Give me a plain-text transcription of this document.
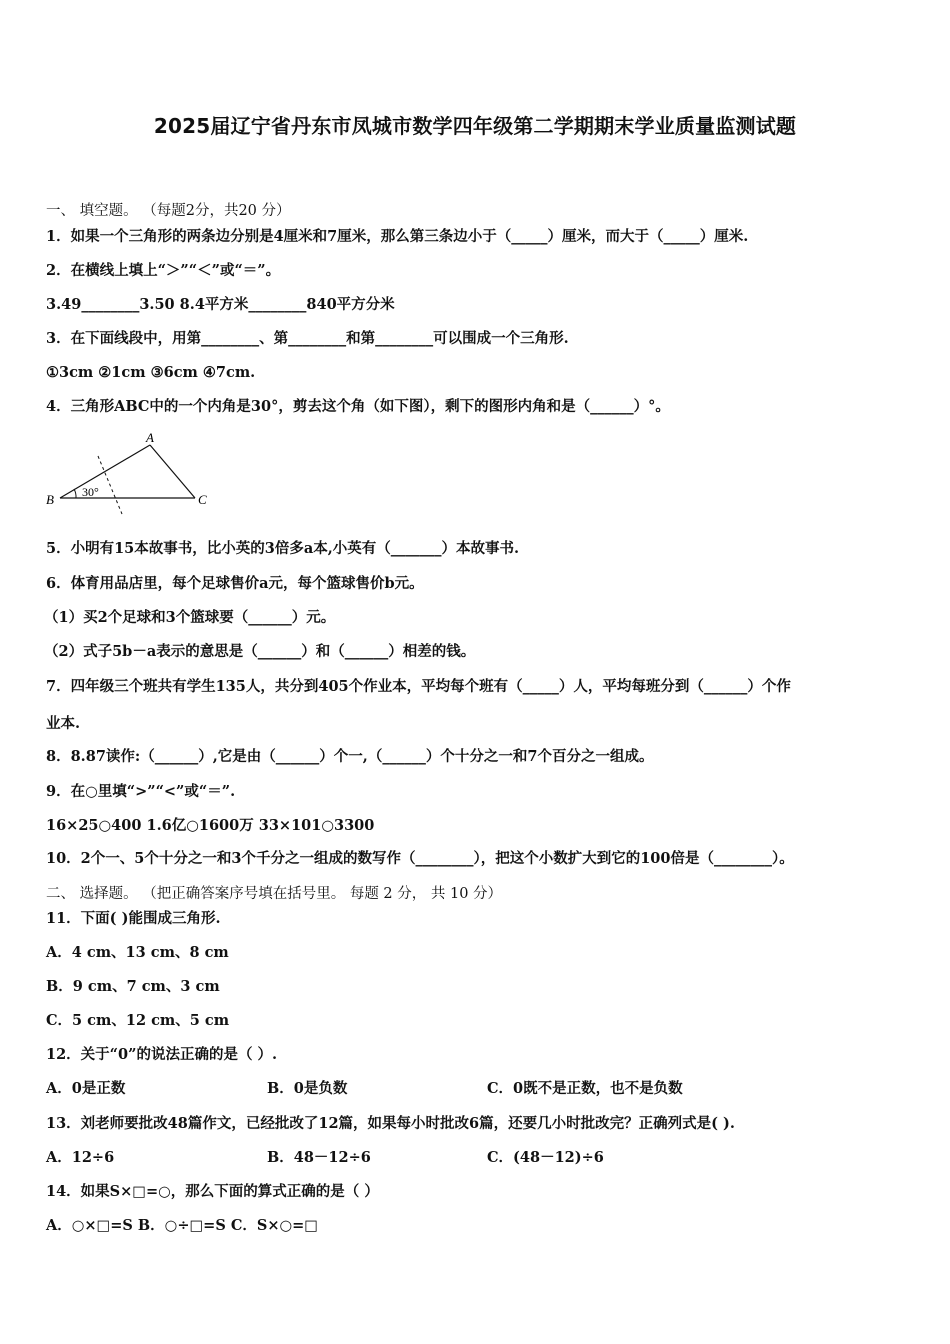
2025届辽宁省丹东市凤城市数学四年级第二学期期末学业质量监测试题
一、 填空题。 （每题2分，共20 分）
1．如果一个三角形的两条边分别是4厘米和7厘米，那么第三条边小于（_____）厘米，而大于（_____）厘米.
2．在横线上填上“＞”“＜”或“＝”。
3.49________3.50 8.4平方米________840平方分米
3．在下面线段中，用第________、第________和第________可以围成一个三角形.
①3cm ②1cm ③6cm ④7cm.
4．三角形ABC中的一个内角是30°，剪去这个角（如下图），剩下的图形内角和是（______）°。
A
B	C
30°
5．小明有15本故事书，比小英的3倍多a本,小英有（_______）本故事书.
6．体育用品店里，每个足球售价a元，每个篮球售价b元。
（1）买2个足球和3个篮球要（______）元。
（2）式子5b－a表示的意思是（______）和（______）相差的钱。
7．四年级三个班共有学生135人，共分到405个作业本，平均每个班有（_____）人，平均每班分到（______）个作
业本.
8．8.87读作:（______）,它是由（______）个一,（______）个十分之一和7个百分之一组成。
9．在○里填“>”“<”或“＝”.
16×25○400 1.6亿○1600万 33×101○3300
10．2个一、5个十分之一和3个千分之一组成的数写作（________），把这个小数扩大到它的100倍是（________）。
二、 选择题。 （把正确答案序号填在括号里。 每题 2 分， 共 10 分）
11．下面( )能围成三角形.
A．4 cm、13 cm、8 cm
B．9 cm、7 cm、3 cm
C．5 cm、12 cm、5 cm
12．关于“0”的说法正确的是（ ）.
A．0是正数	B．0是负数	C．0既不是正数，也不是负数
13．刘老师要批改48篇作文，已经批改了12篇，如果每小时批改6篇，还要几小时批改完？正确列式是( ).
A．12÷6	B．48－12÷6	C．(48－12)÷6
14．如果S×□=○，那么下面的算式正确的是（ ）
A．○×□=S B．○÷□=S C．S×○=□
